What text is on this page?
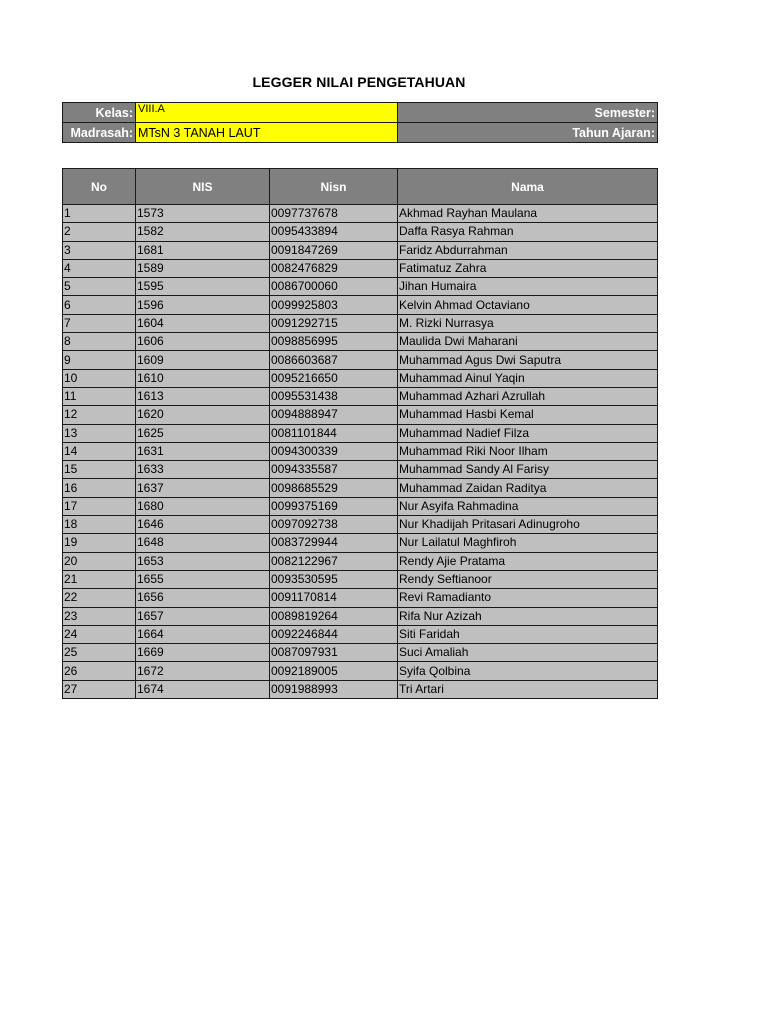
LEGGER NILAI PENGETAHUAN
Kelas:	VIII.A	Semester:
Madrasah:	MTsN 3 TANAH LAUT	Tahun Ajaran:
No	NIS	Nisn	Nama
1	1573	0097737678	Akhmad Rayhan Maulana
2	1582	0095433894	Daffa Rasya Rahman
3	1681	0091847269	Faridz Abdurrahman
4	1589	0082476829	Fatimatuz Zahra
5	1595	0086700060	Jihan Humaira
6	1596	0099925803	Kelvin Ahmad Octaviano
7	1604	0091292715	M. Rizki Nurrasya
8	1606	0098856995	Maulida Dwi Maharani
9	1609	0086603687	Muhammad Agus Dwi Saputra
10	1610	0095216650	Muhammad Ainul Yaqin
11	1613	0095531438	Muhammad Azhari Azrullah
12	1620	0094888947	Muhammad Hasbi Kemal
13	1625	0081101844	Muhammad Nadief Filza
14	1631	0094300339	Muhammad Riki Noor Ilham
15	1633	0094335587	Muhammad Sandy Al Farisy
16	1637	0098685529	Muhammad Zaidan Raditya
17	1680	0099375169	Nur Asyifa Rahmadina
18	1646	0097092738	Nur Khadijah Pritasari Adinugroho
19	1648	0083729944	Nur Lailatul Maghfiroh
20	1653	0082122967	Rendy Ajie Pratama
21	1655	0093530595	Rendy Seftianoor
22	1656	0091170814	Revi Ramadianto
23	1657	0089819264	Rifa Nur Azizah
24	1664	0092246844	Siti Faridah
25	1669	0087097931	Suci Amaliah
26	1672	0092189005	Syifa Qolbina
27	1674	0091988993	Tri Artari
